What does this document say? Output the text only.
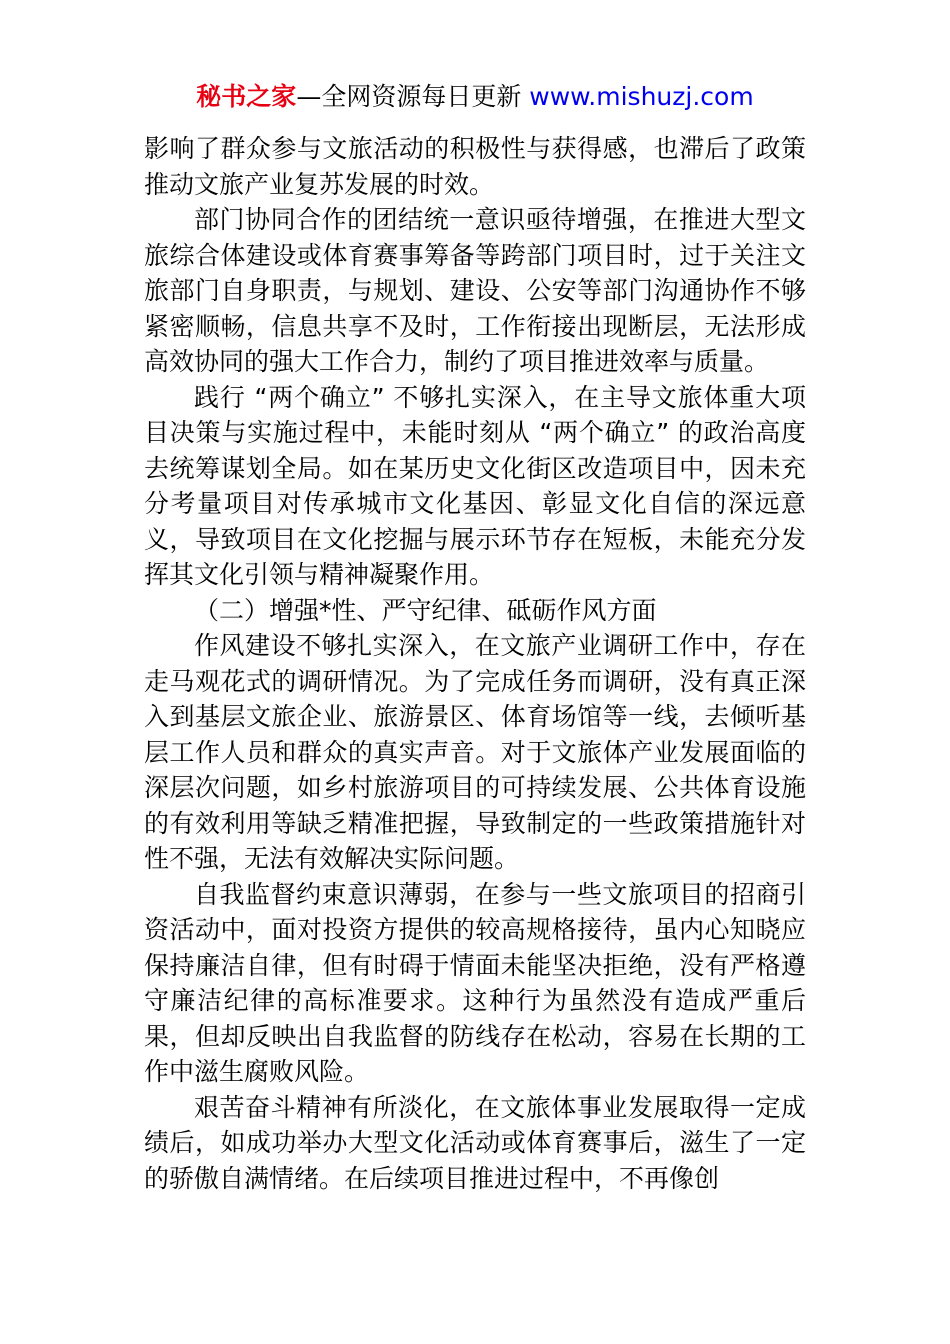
秘书之家—全网资源每日更新 www.mishuzj.com

影响了群众参与文旅活动的积极性与获得感，也滞后了政策推动文旅产业复苏发展的时效。

部门协同合作的团结统一意识亟待增强，在推进大型文旅综合体建设或体育赛事筹备等跨部门项目时，过于关注文旅部门自身职责，与规划、建设、公安等部门沟通协作不够紧密顺畅，信息共享不及时，工作衔接出现断层，无法形成高效协同的强大工作合力，制约了项目推进效率与质量。

践行 “两个确立” 不够扎实深入，在主导文旅体重大项目决策与实施过程中，未能时刻从 “两个确立” 的政治高度去统筹谋划全局。如在某历史文化街区改造项目中，因未充分考量项目对传承城市文化基因、彰显文化自信的深远意义，导致项目在文化挖掘与展示环节存在短板，未能充分发挥其文化引领与精神凝聚作用。

（二）增强*性、严守纪律、砥砺作风方面

作风建设不够扎实深入，在文旅产业调研工作中，存在走马观花式的调研情况。为了完成任务而调研，没有真正深入到基层文旅企业、旅游景区、体育场馆等一线，去倾听基层工作人员和群众的真实声音。对于文旅体产业发展面临的深层次问题，如乡村旅游项目的可持续发展、公共体育设施的有效利用等缺乏精准把握，导致制定的一些政策措施针对性不强，无法有效解决实际问题。

自我监督约束意识薄弱，在参与一些文旅项目的招商引资活动中，面对投资方提供的较高规格接待，虽内心知晓应保持廉洁自律，但有时碍于情面未能坚决拒绝，没有严格遵守廉洁纪律的高标准要求。这种行为虽然没有造成严重后果，但却反映出自我监督的防线存在松动，容易在长期的工作中滋生腐败风险。

艰苦奋斗精神有所淡化，在文旅体事业发展取得一定成绩后，如成功举办大型文化活动或体育赛事后，滋生了一定的骄傲自满情绪。在后续项目推进过程中，不再像创
